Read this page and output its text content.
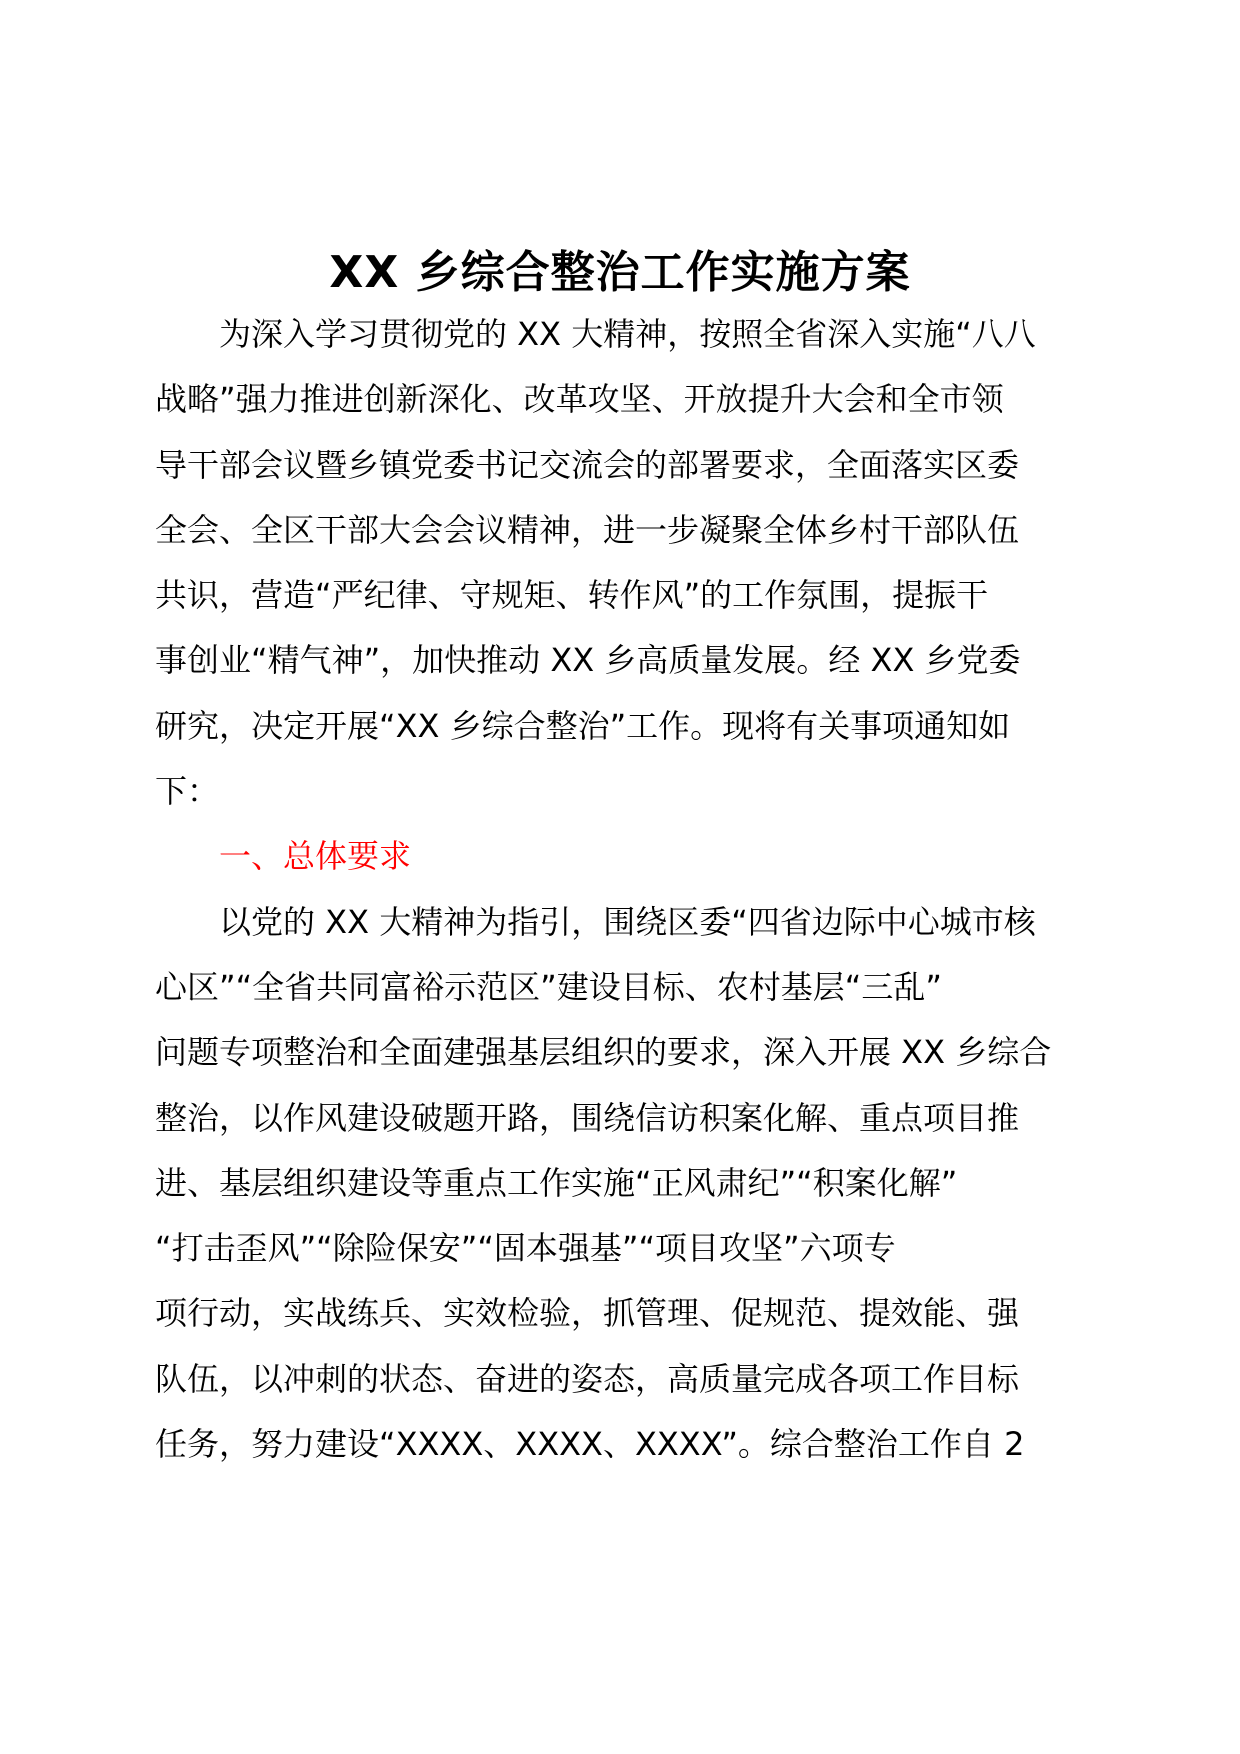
XX 乡综合整治工作实施方案
为深入学习贯彻党的 XX 大精神，按照全省深入实施“八八
战略”强力推进创新深化、改革攻坚、开放提升大会和全市领
导干部会议暨乡镇党委书记交流会的部署要求，全面落实区委
全会、全区干部大会会议精神，进一步凝聚全体乡村干部队伍
共识，营造“严纪律、守规矩、转作风”的工作氛围，提振干
事创业“精气神”，加快推动 XX 乡高质量发展。经 XX 乡党委
研究，决定开展“XX 乡综合整治”工作。现将有关事项通知如
下：
一、总体要求
以党的 XX 大精神为指引，围绕区委“四省边际中心城市核
心区”“全省共同富裕示范区”建设目标、农村基层“三乱”
问题专项整治和全面建强基层组织的要求，深入开展 XX 乡综合
整治，以作风建设破题开路，围绕信访积案化解、重点项目推
进、基层组织建设等重点工作实施“正风肃纪”“积案化解”
“打击歪风”“除险保安”“固本强基”“项目攻坚”六项专
项行动，实战练兵、实效检验，抓管理、促规范、提效能、强
队伍，以冲刺的状态、奋进的姿态，高质量完成各项工作目标
任务，努力建设“XXXX、XXXX、XXXX”。综合整治工作自 2
